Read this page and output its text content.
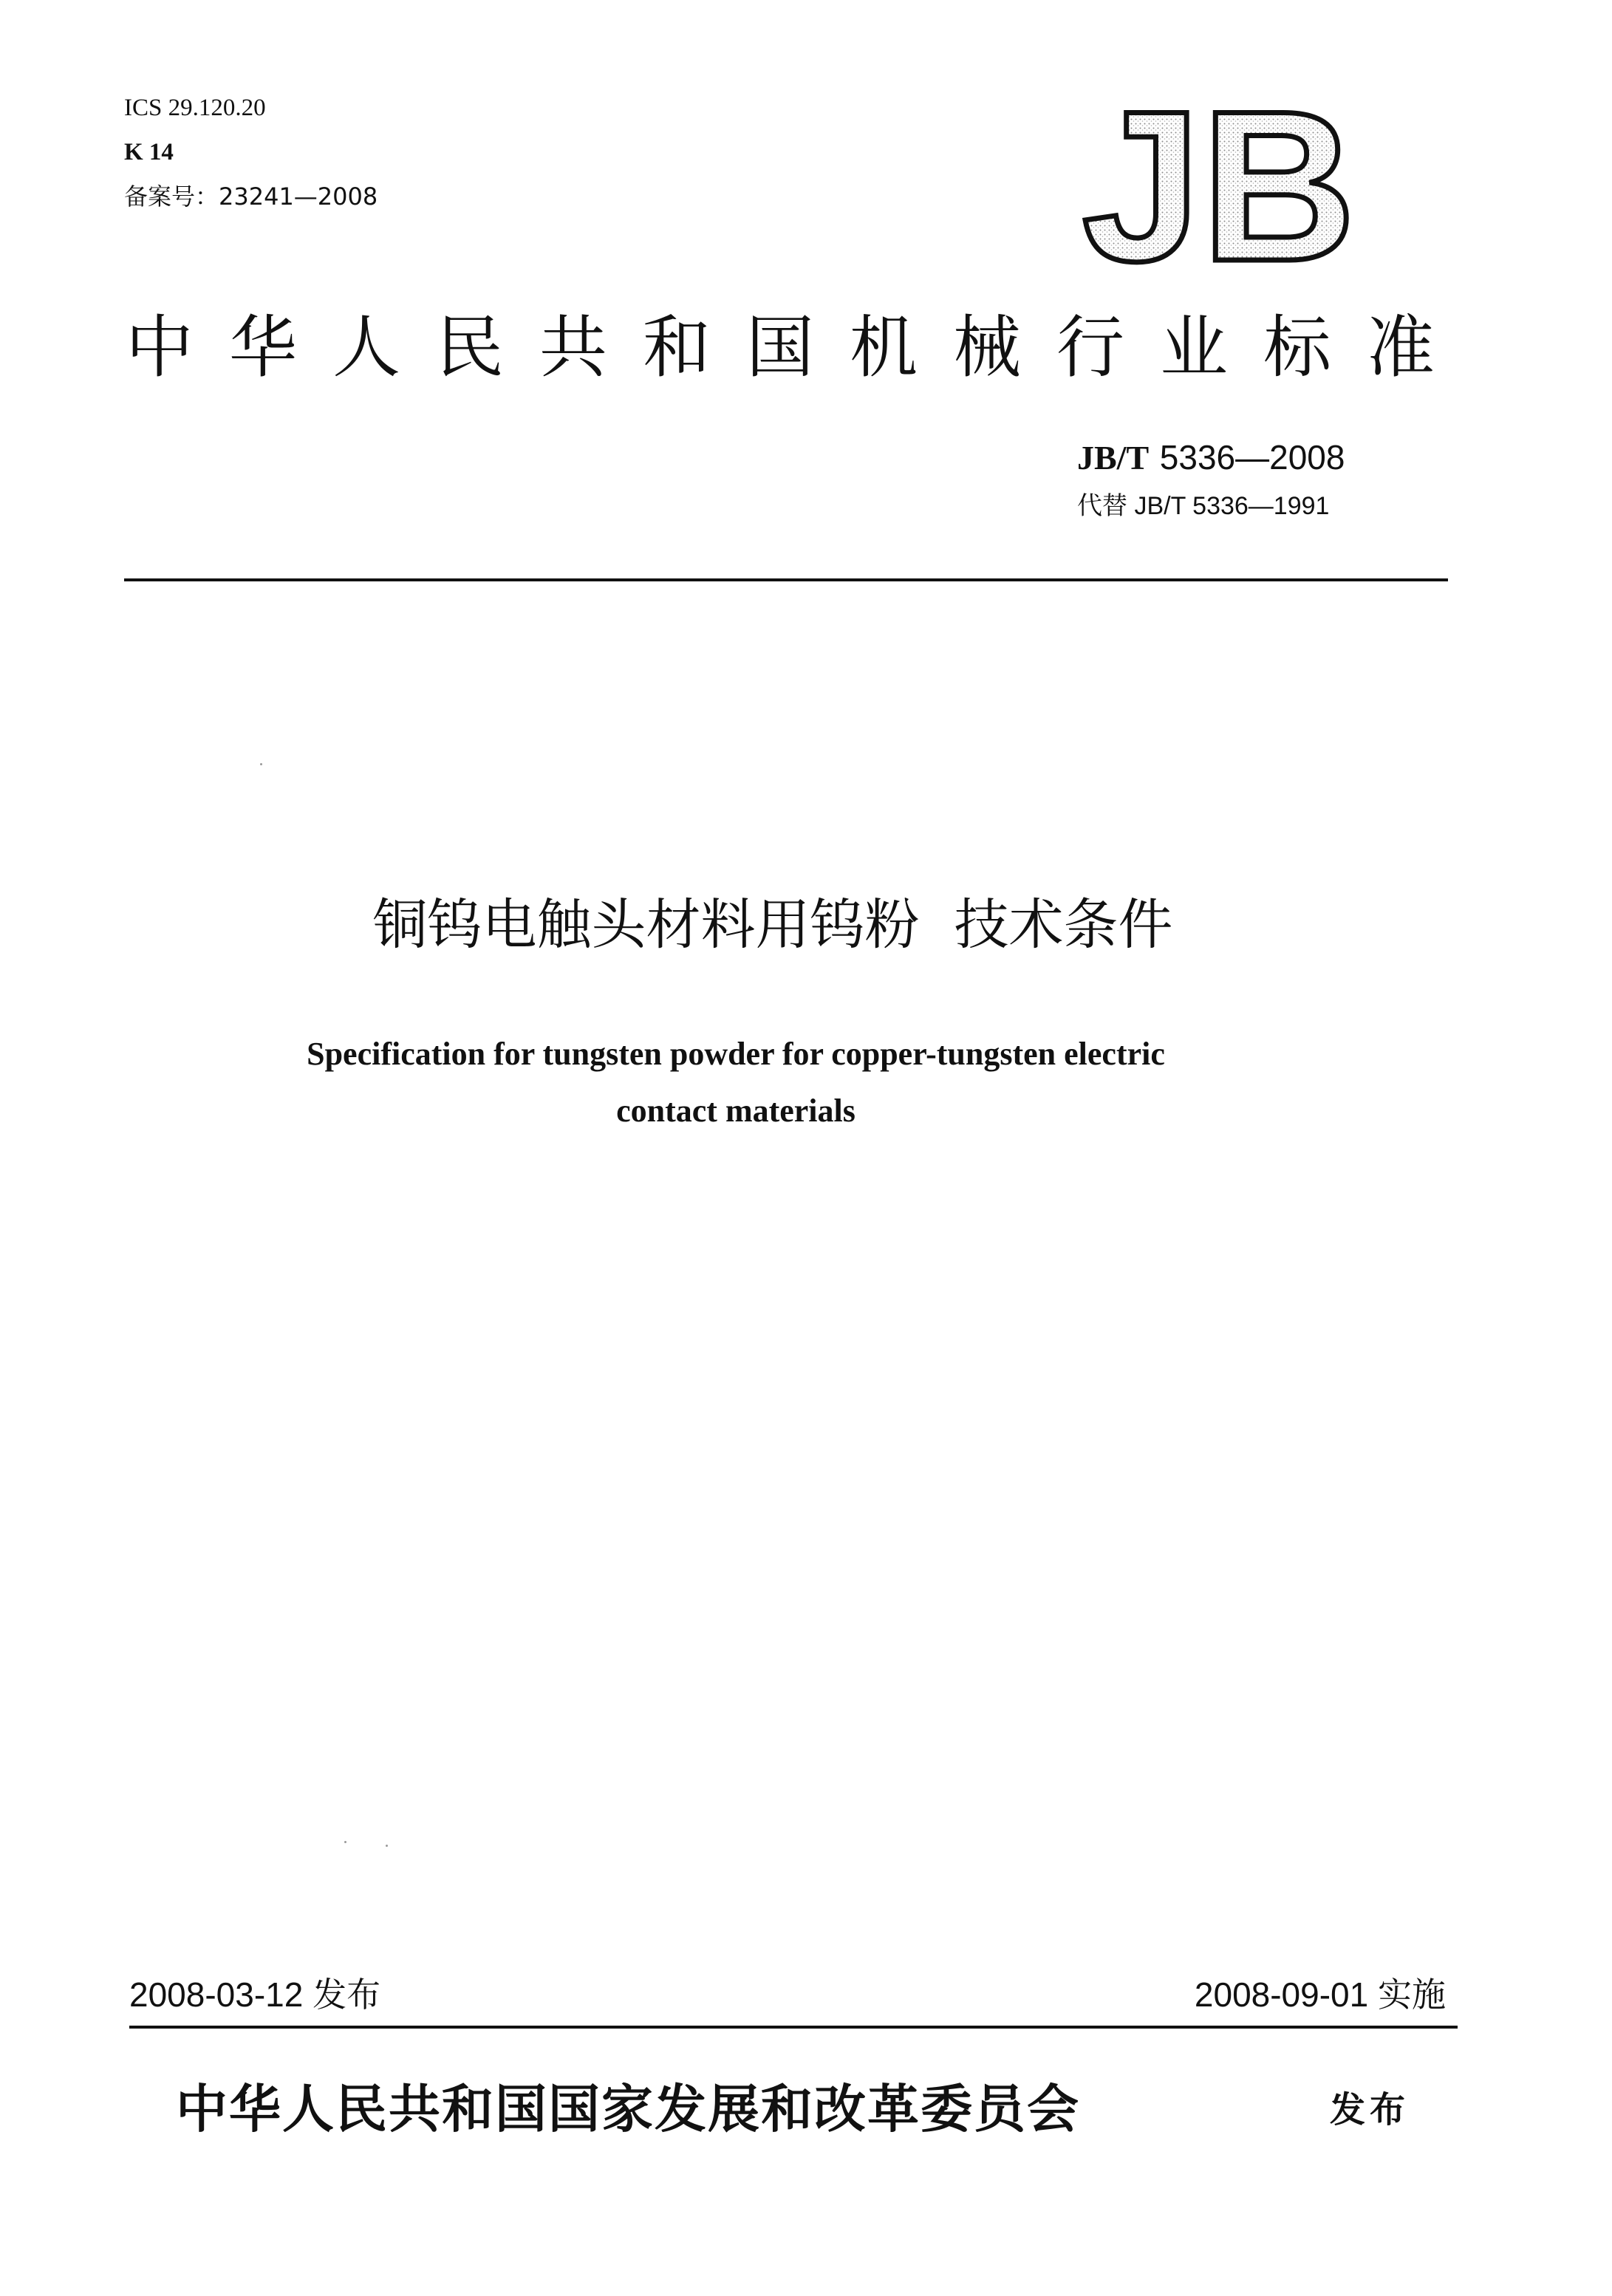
ICS 29.120.20
K 14
备案号：23241—2008	JB
中华人民共和国机械行业标准
JB/T 5336—2008
代替 JB/T 5336—1991
铜钨电触头材料用钨粉  技术条件
Specification for tungsten powder for copper-tungsten electric
contact materials
2008-03-12 发布	2008-09-01 实施
中华人民共和国国家发展和改革委员会	发布
